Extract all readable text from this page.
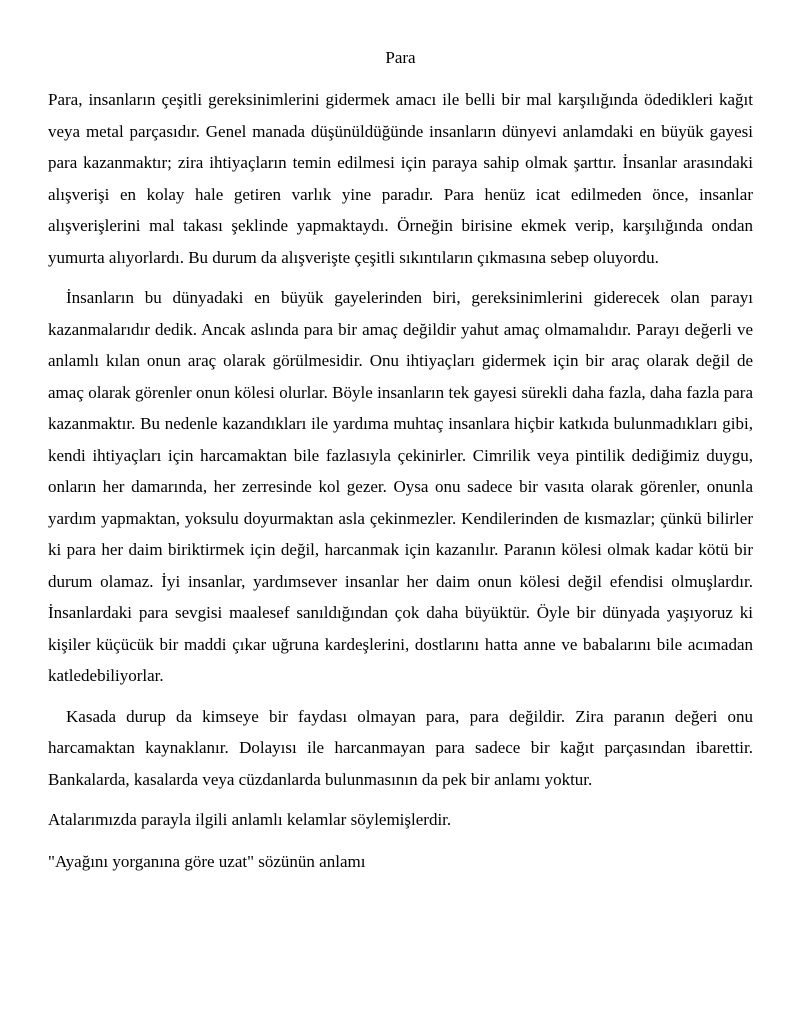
Para

Para, insanların çeşitli gereksinimlerini gidermek amacı ile belli bir mal karşılığında ödedikleri kağıt veya metal parçasıdır. Genel manada düşünüldüğünde insanların dünyevi anlamdaki en büyük gayesi para kazanmaktır; zira ihtiyaçların temin edilmesi için paraya sahip olmak şarttır. İnsanlar arasındaki alışverişi en kolay hale getiren varlık yine paradır. Para henüz icat edilmeden önce, insanlar alışverişlerini mal takası şeklinde yapmaktaydı. Örneğin birisine ekmek verip, karşılığında ondan yumurta alıyorlardı. Bu durum da alışverişte çeşitli sıkıntıların çıkmasına sebep oluyordu.

İnsanların bu dünyadaki en büyük gayelerinden biri, gereksinimlerini giderecek olan parayı kazanmalarıdır dedik. Ancak aslında para bir amaç değildir yahut amaç olmamalıdır. Parayı değerli ve anlamlı kılan onun araç olarak görülmesidir. Onu ihtiyaçları gidermek için bir araç olarak değil de amaç olarak görenler onun kölesi olurlar. Böyle insanların tek gayesi sürekli daha fazla, daha fazla para kazanmaktır. Bu nedenle kazandıkları ile yardıma muhtaç insanlara hiçbir katkıda bulunmadıkları gibi, kendi ihtiyaçları için harcamaktan bile fazlasıyla çekinirler. Cimrilik veya pintilik dediğimiz duygu, onların her damarında, her zerresinde kol gezer. Oysa onu sadece bir vasıta olarak görenler, onunla yardım yapmaktan, yoksulu doyurmaktan asla çekinmezler. Kendilerinden de kısmazlar; çünkü bilirler ki para her daim biriktirmek için değil, harcanmak için kazanılır. Paranın kölesi olmak kadar kötü bir durum olamaz. İyi insanlar, yardımsever insanlar her daim onun kölesi değil efendisi olmuşlardır. İnsanlardaki para sevgisi maalesef sanıldığından çok daha büyüktür. Öyle bir dünyada yaşıyoruz ki kişiler küçücük bir maddi çıkar uğruna kardeşlerini, dostlarını hatta anne ve babalarını bile acımadan katledebiliyorlar.

Kasada durup da kimseye bir faydası olmayan para, para değildir. Zira paranın değeri onu harcamaktan kaynaklanır. Dolayısı ile harcanmayan para sadece bir kağıt parçasından ibarettir. Bankalarda, kasalarda veya cüzdanlarda bulunmasının da pek bir anlamı yoktur.

Atalarımızda parayla ilgili anlamlı kelamlar söylemişlerdir.

"Ayağını yorganına göre uzat" sözünün anlamı
